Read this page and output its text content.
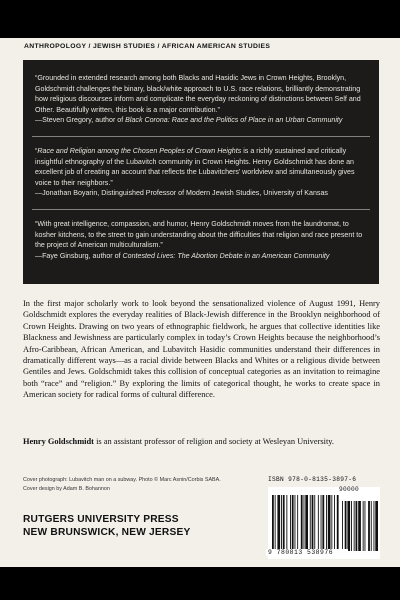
ANTHROPOLOGY / JEWISH STUDIES / AFRICAN AMERICAN STUDIES

“Grounded in extended research among both Blacks and Hasidic Jews in Crown Heights, Brooklyn, Goldschmidt challenges the binary, black/white approach to U.S. race relations, brilliantly demonstrating how religious discourses inform and complicate the everyday reckoning of distinctions between Self and Other. Beautifully written, this book is a major contribution.”

—Steven Gregory, author of Black Corona: Race and the Politics of Place in an Urban Community

“Race and Religion among the Chosen Peoples of Crown Heights is a richly sustained and critically insightful ethnography of the Lubavitch community in Crown Heights. Henry Goldschmidt has done an excellent job of creating an account that reflects the Lubavitchers’ worldview and simultaneously gives voice to their neighbors.”

—Jonathan Boyarin, Distinguished Professor of Modern Jewish Studies, University of Kansas

“With great intelligence, compassion, and humor, Henry Goldschmidt moves from the laundromat, to kosher kitchens, to the street to gain understanding about the difficulties that religion and race present to the project of American multiculturalism.”

—Faye Ginsburg, author of Contested Lives: The Abortion Debate in an American Community

In the first major scholarly work to look beyond the sensationalized violence of August 1991, Henry Goldschmidt explores the everyday realities of Black-Jewish difference in the Brooklyn neighborhood of Crown Heights. Drawing on two years of ethnographic fieldwork, he argues that collective identities like Blackness and Jewishness are particularly complex in today’s Crown Heights because the neighborhood’s Afro-Caribbean, African American, and Lubavitch Hasidic communities understand their differences in dramatically different ways—as a racial divide between Blacks and Whites or a religious divide between Gentiles and Jews. Goldschmidt takes this collision of conceptual categories as an invitation to reimagine both “race” and “religion.” By exploring the limits of categorical thought, he works to create space in American society for radical forms of cultural difference.

Henry Goldschmidt is an assistant professor of religion and society at Wesleyan University.

Cover photograph: Lubavitch man on a subway. Photo © Marc Asnin/Corbis SABA.
Cover design by Adam B. Bohannon
RUTGERS UNIVERSITY PRESS
NEW BRUNSWICK, NEW JERSEY
ISBN 978-0-8135-3897-6
90000
9 780813 538976
